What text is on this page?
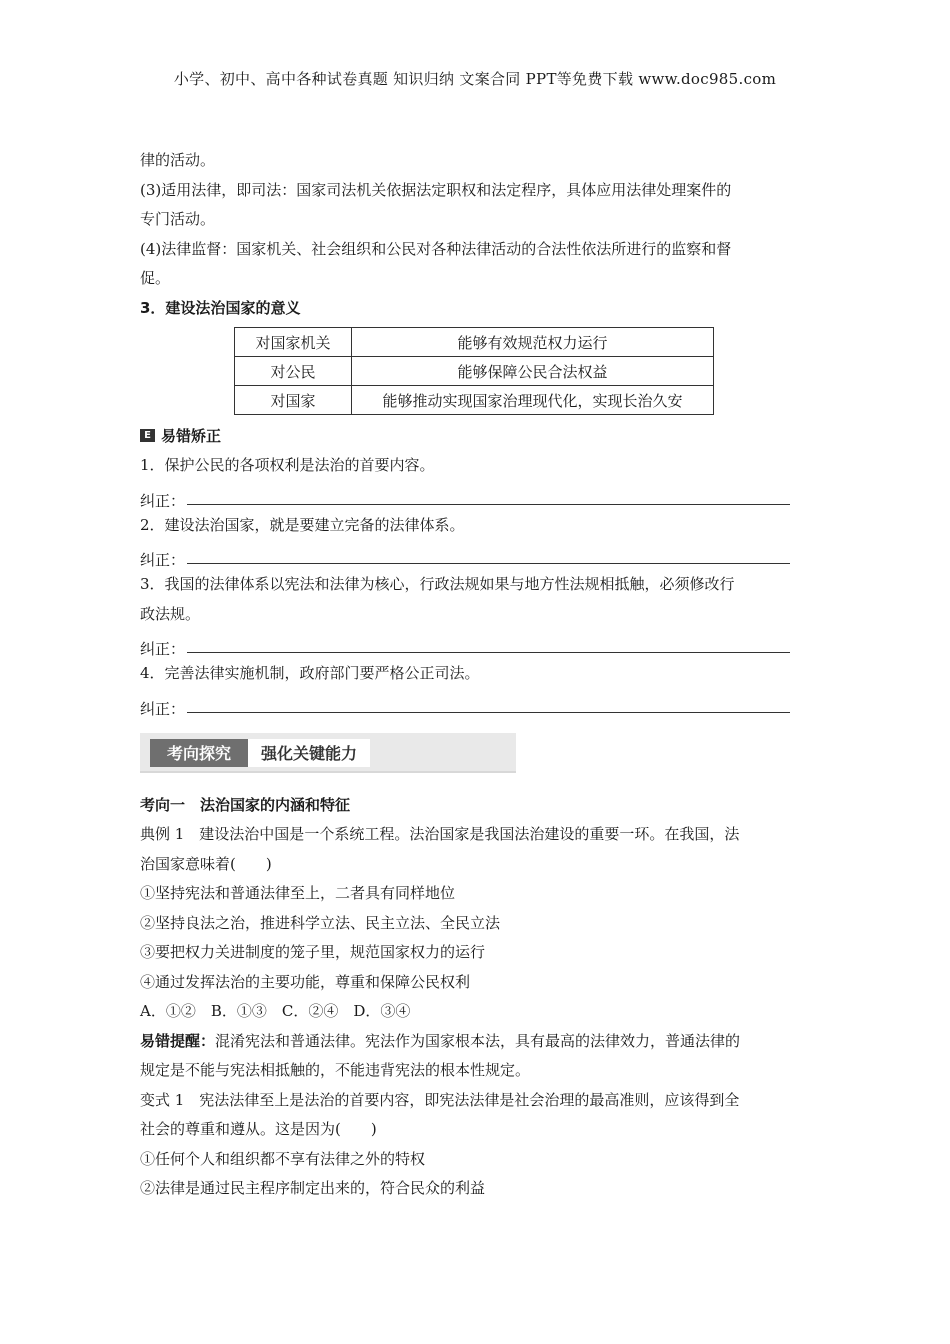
小学、初中、高中各种试卷真题 知识归纳 文案合同 PPT等免费下载 www.doc985.com
律的活动。
(3)适用法律，即司法：国家司法机关依据法定职权和法定程序，具体应用法律处理案件的
专门活动。
(4)法律监督：国家机关、社会组织和公民对各种法律活动的合法性依法所进行的监察和督
促。
3．建设法治国家的意义
对国家机关	能够有效规范权力运行
对公民	能够保障公民合法权益
对国家	能够推动实现国家治理现代化，实现长治久安
E 易错矫正
1．保护公民的各项权利是法治的首要内容。
纠正：
2．建设法治国家，就是要建立完备的法律体系。
纠正：
3．我国的法律体系以宪法和法律为核心，行政法规如果与地方性法规相抵触，必须修改行
政法规。
纠正：
4．完善法律实施机制，政府部门要严格公正司法。
纠正：
考向探究	强化关键能力
考向一　法治国家的内涵和特征
典例 1　建设法治中国是一个系统工程。法治国家是我国法治建设的重要一环。在我国，法
治国家意味着(　　)
①坚持宪法和普通法律至上，二者具有同样地位
②坚持良法之治，推进科学立法、民主立法、全民立法
③要把权力关进制度的笼子里，规范国家权力的运行
④通过发挥法治的主要功能，尊重和保障公民权利
A．①②　B．①③　C．②④　D．③④
易错提醒：混淆宪法和普通法律。宪法作为国家根本法，具有最高的法律效力，普通法律的
规定是不能与宪法相抵触的，不能违背宪法的根本性规定。
变式 1　宪法法律至上是法治的首要内容，即宪法法律是社会治理的最高准则，应该得到全
社会的尊重和遵从。这是因为(　　)
①任何个人和组织都不享有法律之外的特权
②法律是通过民主程序制定出来的，符合民众的利益
